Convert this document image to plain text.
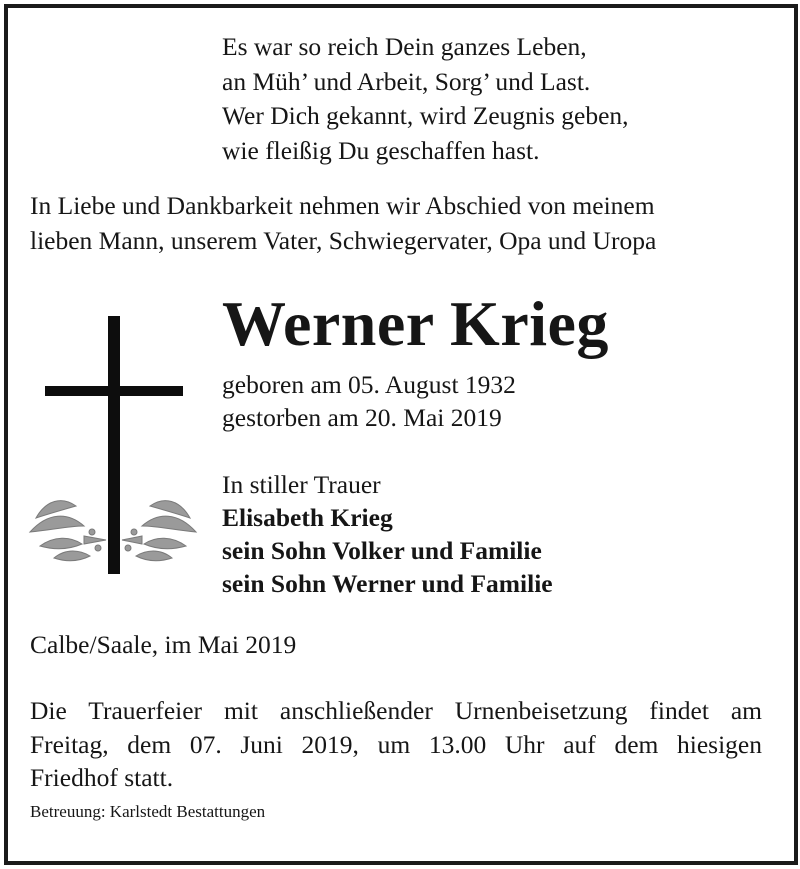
Es war so reich Dein ganzes Leben,
an Müh’ und Arbeit, Sorg’ und Last.
Wer Dich gekannt, wird Zeugnis geben,
wie fleißig Du geschaffen hast.
In Liebe und Dankbarkeit nehmen wir Abschied von meinem
lieben Mann, unserem Vater, Schwiegervater, Opa und Uropa
Werner Krieg
geboren am 05. August 1932
gestorben am 20. Mai 2019
In stiller Trauer
Elisabeth Krieg
sein Sohn Volker und Familie
sein Sohn Werner und Familie
Calbe/Saale, im Mai 2019
Die Trauerfeier mit anschließender Urnenbeisetzung findet am
Freitag, dem 07. Juni 2019, um 13.00 Uhr auf dem hiesigen
Friedhof statt.
Betreuung: Karlstedt Bestattungen
